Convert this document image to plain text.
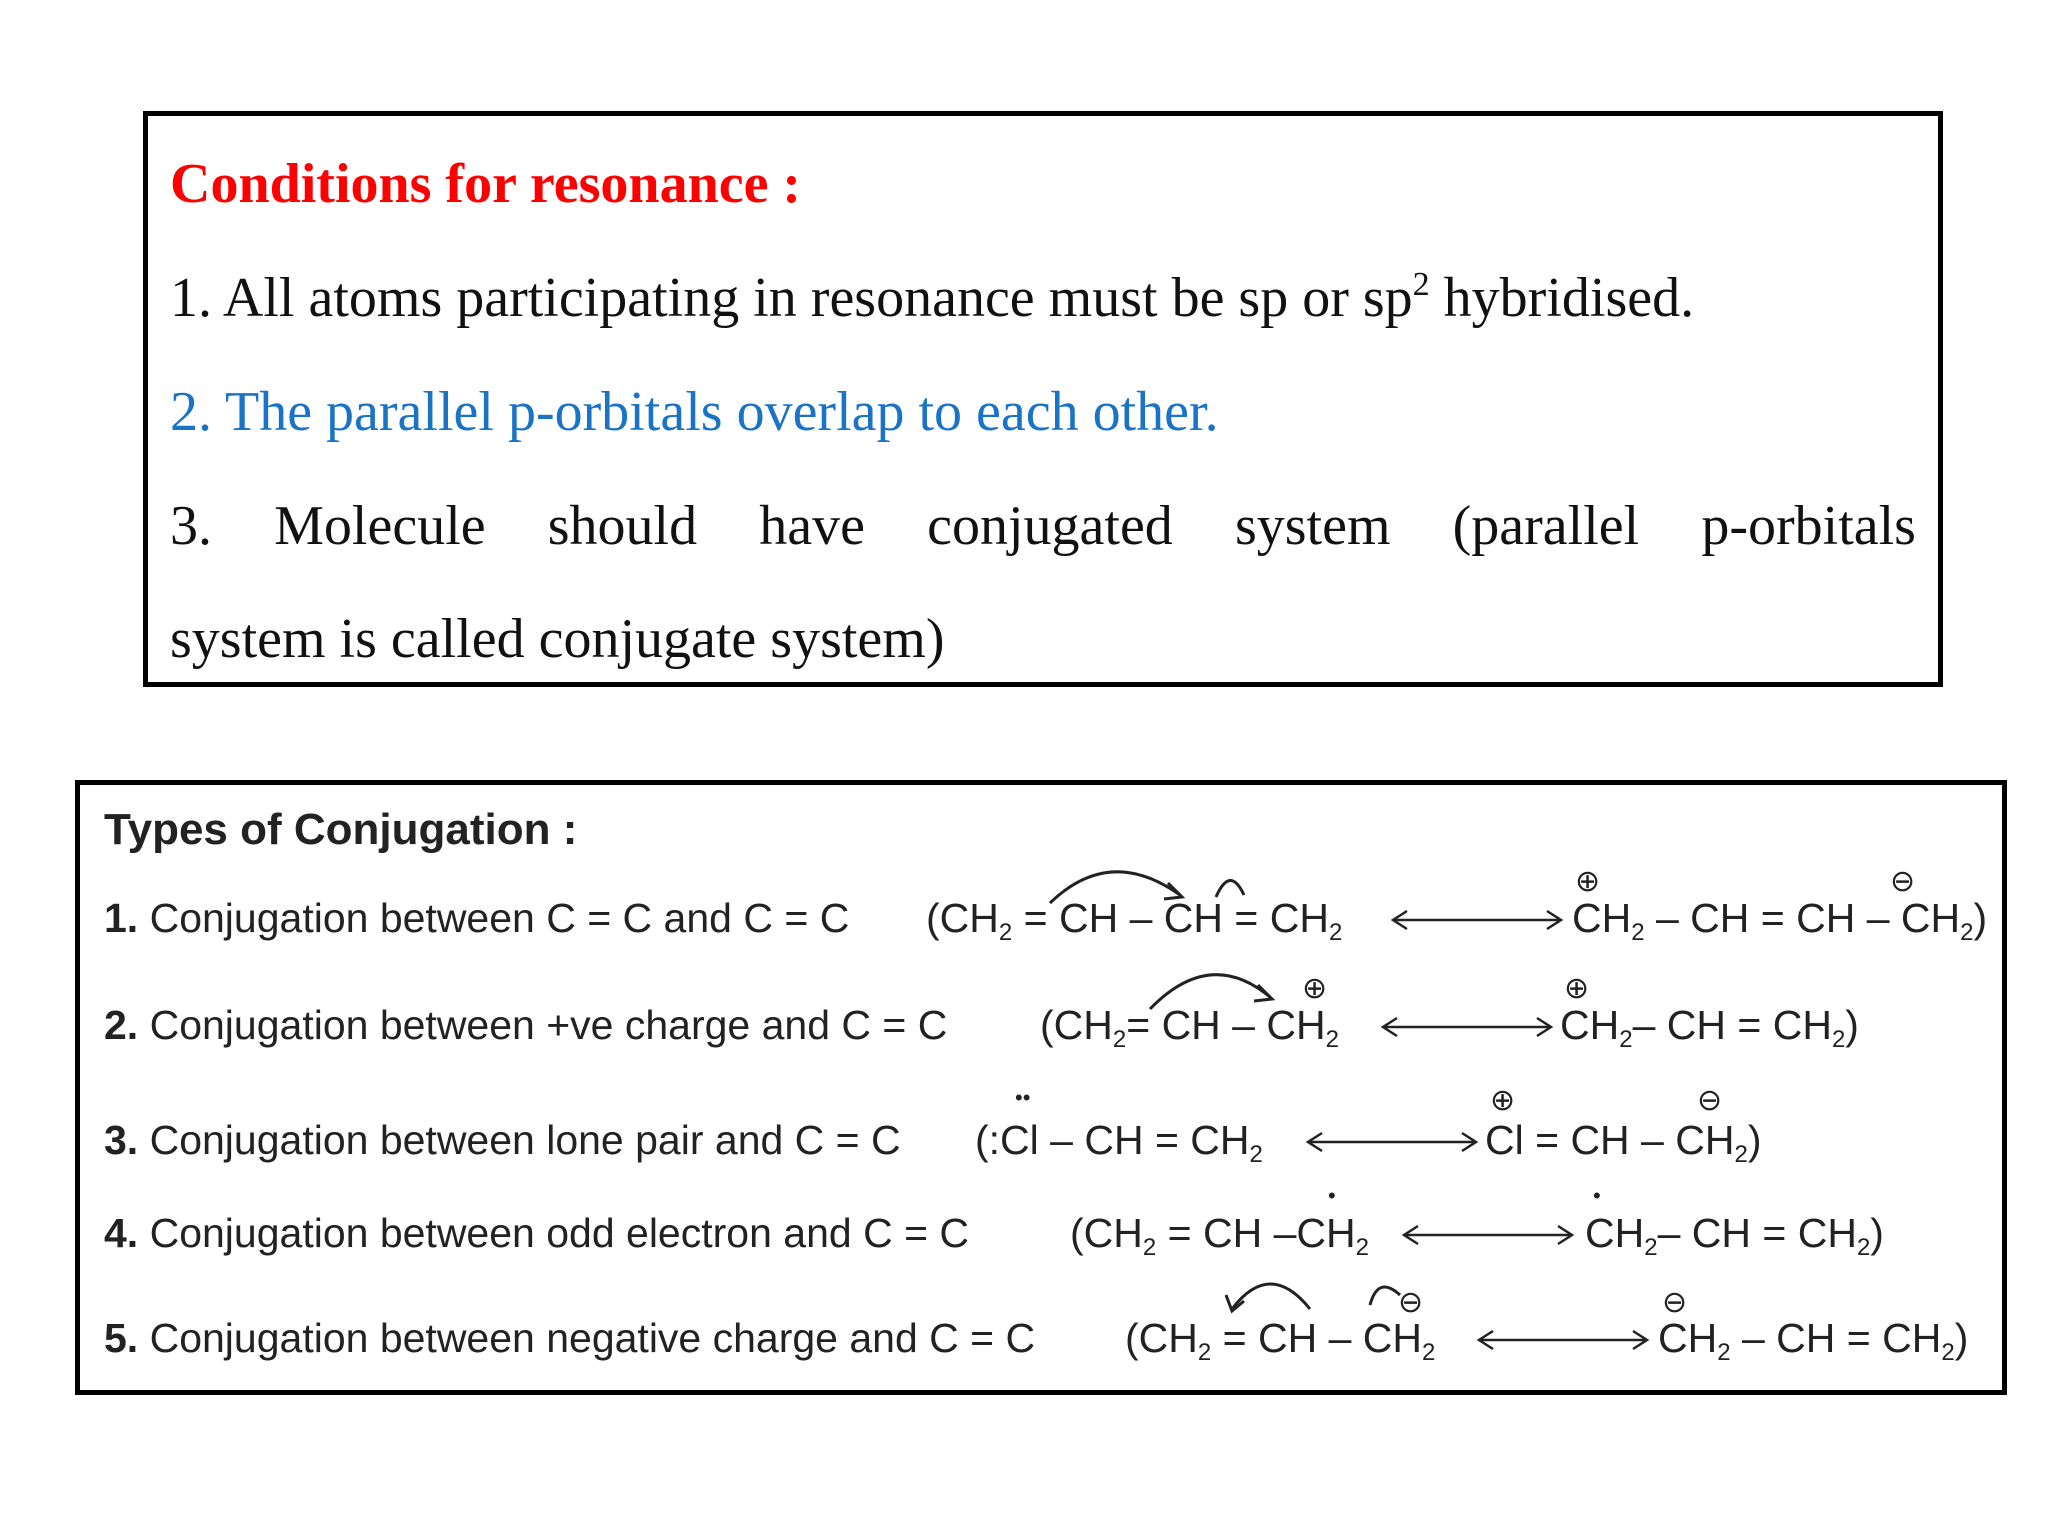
Conditions for resonance :
1. All atoms participating in resonance must be sp or $sp^2$ hybridised.
2. The parallel p-orbitals overlap to each other.
3. Molecule should have conjugated system (parallel p-orbitals
system is called conjugate system)
Types of Conjugation :
1. Conjugation between C = C and C = C ($CH_2$ = CH – CH = $CH_2$	$CH_2$ – CH = CH – $CH_2$)
⊕	⊖
2. Conjugation between +ve charge and C = C ($CH_2=$ CH – $CH_2$
⊕
$CH_2-$ CH = $CH_2$)
⊕
3. Conjugation between lone pair and C = C (:Cl – CH = $CH_2$
••
Cl = CH – $CH_2$)
⊕	⊖
4. Conjugation between odd electron and C = C ($CH_2$ = CH $-CH_2$
•
$CH_2-$ CH = $CH_2$)
•
5. Conjugation between negative charge and C = C ($CH_2$ = CH – $CH_2$
⊖
$CH_2$ – CH = $CH_2$)
⊖
